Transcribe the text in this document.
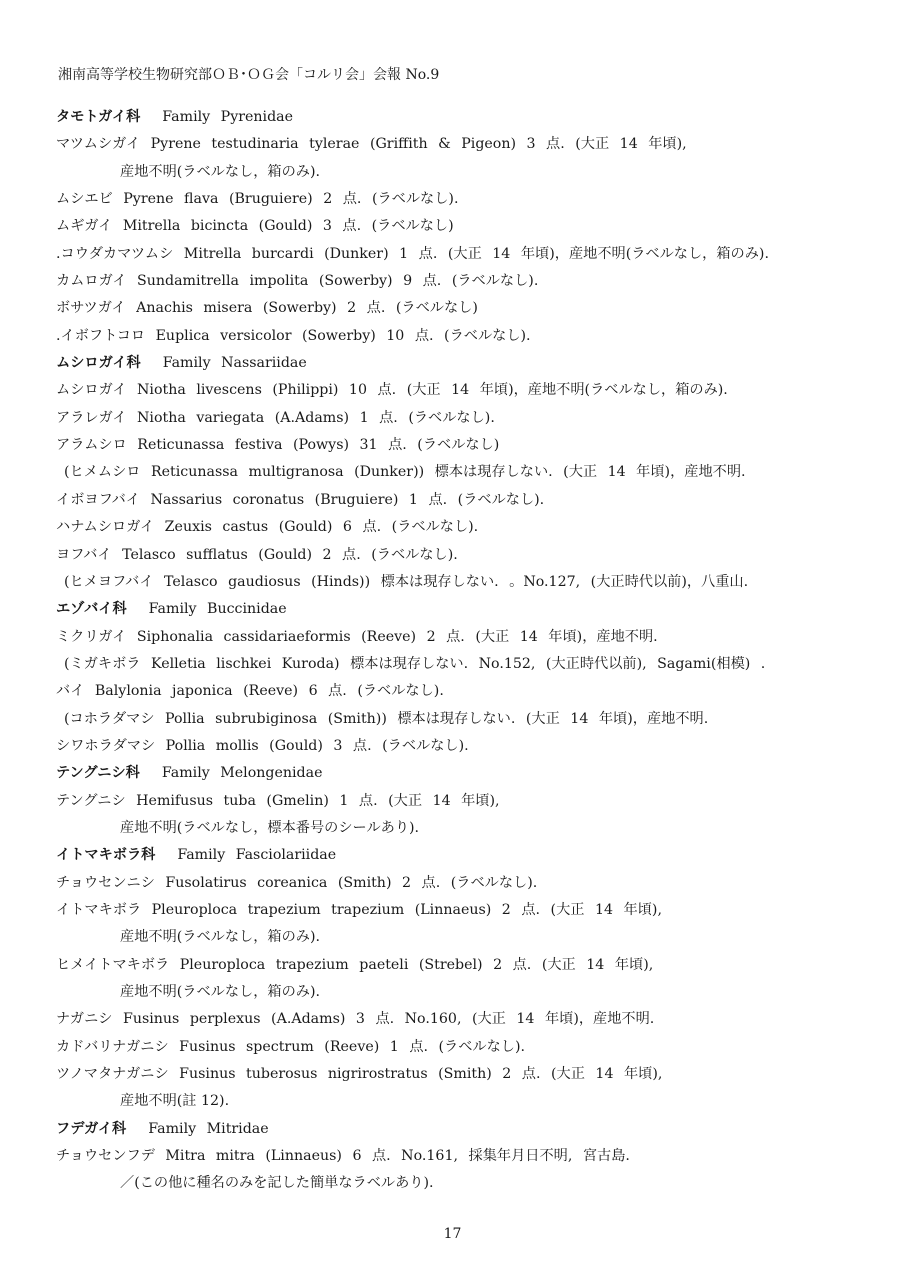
湘南高等学校生物研究部ＯＢ･ＯＧ会「コルリ会」会報 No.9
タモトガイ科 Family Pyrenidae
マツムシガイ Pyrene testudinaria tylerae (Griffith & Pigeon) 3 点. (大正 14 年頃),
産地不明(ラベルなし，箱のみ).
ムシエビ Pyrene flava (Bruguiere) 2 点. (ラベルなし).
ムギガイ Mitrella bicincta (Gould) 3 点. (ラベルなし)
.コウダカマツムシ Mitrella burcardi (Dunker) 1 点. (大正 14 年頃)，産地不明(ラベルなし，箱のみ).
カムロガイ Sundamitrella impolita (Sowerby) 9 点. (ラベルなし).
ボサツガイ Anachis misera (Sowerby) 2 点. (ラベルなし)
.イボフトコロ Euplica versicolor (Sowerby) 10 点. (ラベルなし).
ムシロガイ科 Family Nassariidae
ムシロガイ Niotha livescens (Philippi) 10 点. (大正 14 年頃)，産地不明(ラベルなし，箱のみ).
アラレガイ Niotha variegata (A.Adams) 1 点. (ラベルなし).
アラムシロ Reticunassa festiva (Powys) 31 点. (ラベルなし)
(ヒメムシロ Reticunassa multigranosa (Dunker)) 標本は現存しない. (大正 14 年頃)，産地不明.
イボヨフバイ Nassarius coronatus (Bruguiere) 1 点. (ラベルなし).
ハナムシロガイ Zeuxis castus (Gould) 6 点. (ラベルなし).
ヨフバイ Telasco sufflatus (Gould) 2 点. (ラベルなし).
(ヒメヨフバイ Telasco gaudiosus (Hinds)) 標本は現存しない. 。No.127, (大正時代以前)，八重山.
エゾバイ科 Family Buccinidae
ミクリガイ Siphonalia cassidariaeformis (Reeve) 2 点. (大正 14 年頃)，産地不明.
(ミガキボラ Kelletia lischkei Kuroda) 標本は現存しない. No.152, (大正時代以前), Sagami(相模) .
バイ Balylonia japonica (Reeve) 6 点. (ラベルなし).
(コホラダマシ Pollia subrubiginosa (Smith)) 標本は現存しない. (大正 14 年頃)，産地不明.
シワホラダマシ Pollia mollis (Gould) 3 点. (ラベルなし).
テングニシ科 Family Melongenidae
テングニシ Hemifusus tuba (Gmelin) 1 点. (大正 14 年頃),
産地不明(ラベルなし，標本番号のシールあり).
イトマキボラ科 Family Fasciolariidae
チョウセンニシ Fusolatirus coreanica (Smith) 2 点. (ラベルなし).
イトマキボラ Pleuroploca trapezium trapezium (Linnaeus) 2 点. (大正 14 年頃),
産地不明(ラベルなし，箱のみ).
ヒメイトマキボラ Pleuroploca trapezium paeteli (Strebel) 2 点. (大正 14 年頃),
産地不明(ラベルなし，箱のみ).
ナガニシ Fusinus perplexus (A.Adams) 3 点. No.160, (大正 14 年頃)，産地不明.
カドバリナガニシ Fusinus spectrum (Reeve) 1 点. (ラベルなし).
ツノマタナガニシ Fusinus tuberosus nigrirostratus (Smith) 2 点. (大正 14 年頃),
産地不明(註 12).
フデガイ科 Family Mitridae
チョウセンフデ Mitra mitra (Linnaeus) 6 点. No.161, 採集年月日不明, 宮古島.
／(この他に種名のみを記した簡単なラベルあり).
17
